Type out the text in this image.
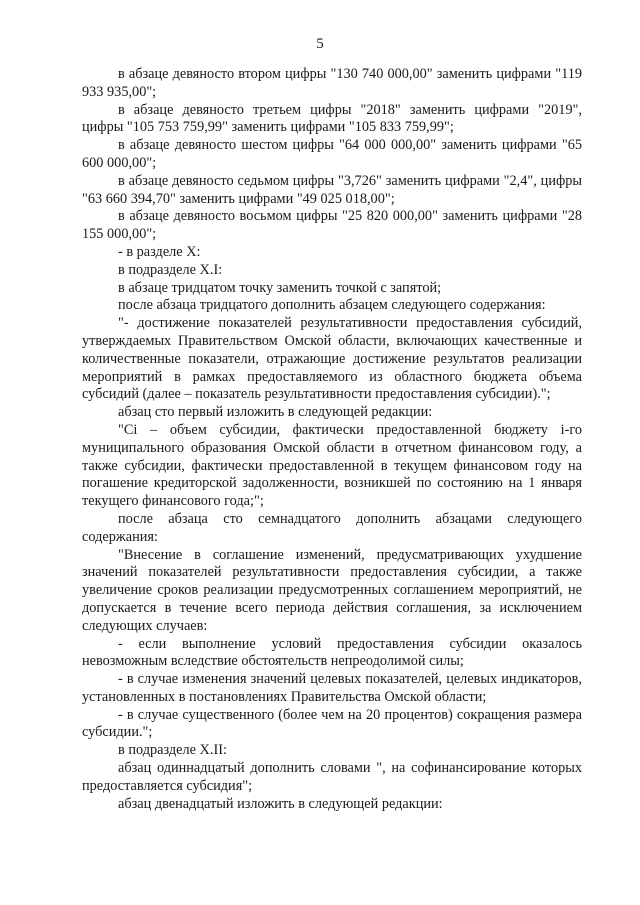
5

в абзаце девяносто втором цифры "130 740 000,00" заменить цифрами "119 933 935,00";

в абзаце девяносто третьем цифры "2018" заменить цифрами "2019", цифры "105 753 759,99" заменить цифрами "105 833 759,99";

в абзаце девяносто шестом цифры "64 000 000,00" заменить цифрами "65 600 000,00";

в абзаце девяносто седьмом цифры "3,726" заменить цифрами "2,4", цифры "63 660 394,70" заменить цифрами "49 025 018,00";

в абзаце девяносто восьмом цифры "25 820 000,00" заменить цифрами "28 155 000,00";

- в разделе X:

в подразделе X.I:

в абзаце тридцатом точку заменить точкой с запятой;

после абзаца тридцатого дополнить абзацем следующего содержания:

"- достижение показателей результативности предоставления субсидий, утверждаемых Правительством Омской области, включающих качественные и количественные показатели, отражающие достижение результатов реализации мероприятий в рамках предоставляемого из областного бюджета объема субсидий (далее – показатель результативности предоставления субсидии).";

абзац сто первый изложить в следующей редакции:

"Ci – объем субсидии, фактически предоставленной бюджету i-го муниципального образования Омской области в отчетном финансовом году, а также субсидии, фактически предоставленной в текущем финансовом году на погашение кредиторской задолженности, возникшей по состоянию на 1 января текущего финансового года;";

после абзаца сто семнадцатого дополнить абзацами следующего содержания:

"Внесение в соглашение изменений, предусматривающих ухудшение значений показателей результативности предоставления субсидии, а также увеличение сроков реализации предусмотренных соглашением мероприятий, не допускается в течение всего периода действия соглашения, за исключением следующих случаев:

- если выполнение условий предоставления субсидии оказалось невозможным вследствие обстоятельств непреодолимой силы;

- в случае изменения значений целевых показателей, целевых индикаторов, установленных в постановлениях Правительства Омской области;

- в случае существенного (более чем на 20 процентов) сокращения размера субсидии.";

в подразделе X.II:

абзац одиннадцатый дополнить словами ", на софинансирование которых предоставляется субсидия";

абзац двенадцатый изложить в следующей редакции:
